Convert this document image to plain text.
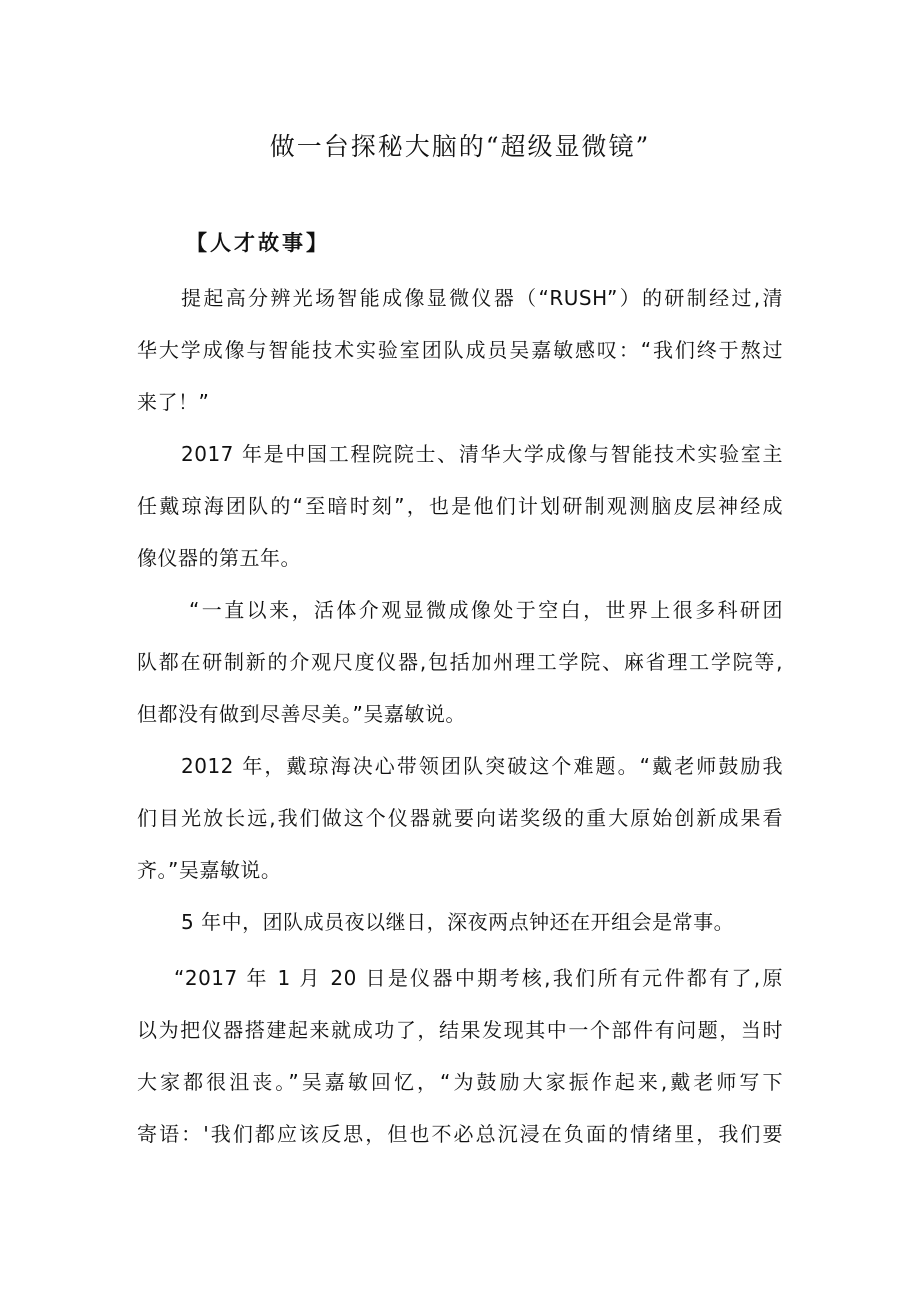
做一台探秘大脑的“超级显微镜”
【人才故事】
提起高分辨光场智能成像显微仪器（“RUSH”）的研制经过,清
华大学成像与智能技术实验室团队成员吴嘉敏感叹：“我们终于熬过
来了！”
2017 年是中国工程院院士、清华大学成像与智能技术实验室主
任戴琼海团队的“至暗时刻”，也是他们计划研制观测脑皮层神经成
像仪器的第五年。
“一直以来，活体介观显微成像处于空白，世界上很多科研团
队都在研制新的介观尺度仪器,包括加州理工学院、麻省理工学院等,
但都没有做到尽善尽美。”吴嘉敏说。
2012 年，戴琼海决心带领团队突破这个难题。“戴老师鼓励我
们目光放长远,我们做这个仪器就要向诺奖级的重大原始创新成果看
齐。”吴嘉敏说。
5 年中，团队成员夜以继日，深夜两点钟还在开组会是常事。
“2017 年 1 月 20 日是仪器中期考核,我们所有元件都有了,原
以为把仪器搭建起来就成功了，结果发现其中一个部件有问题，当时
大家都很沮丧。”吴嘉敏回忆，“为鼓励大家振作起来,戴老师写下
寄语：'我们都应该反思，但也不必总沉浸在负面的情绪里，我们要
